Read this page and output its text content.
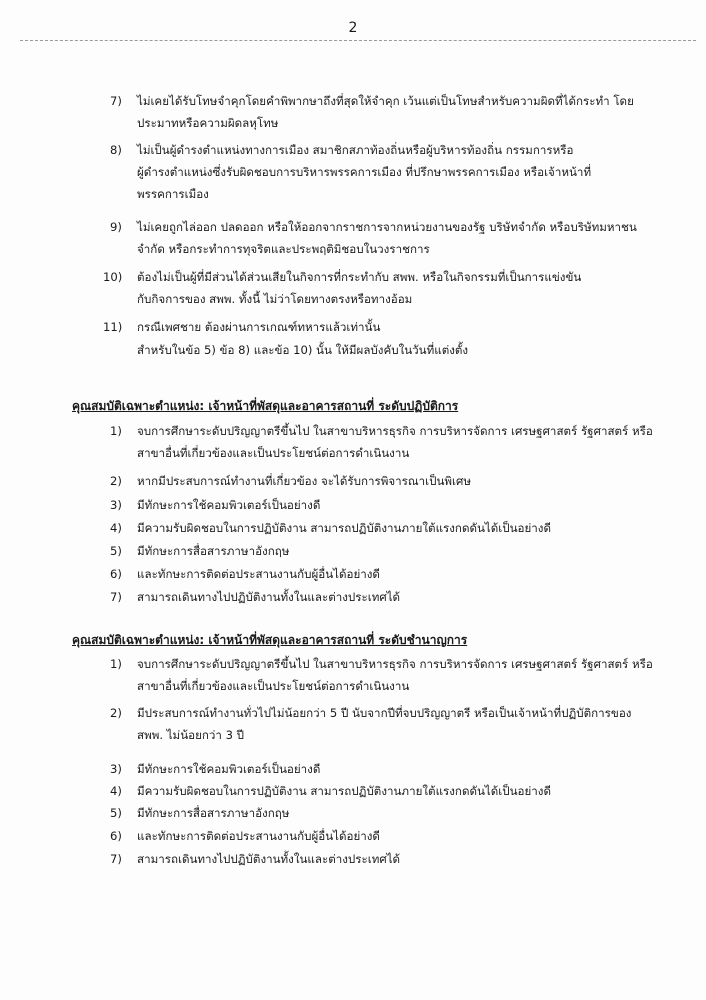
2
7) ไม่เคยได้รับโทษจำคุกโดยคำพิพากษาถึงที่สุดให้จำคุก เว้นแต่เป็นโทษสำหรับความผิดที่ได้กระทำ โดย
ประมาทหรือความผิดลหุโทษ
8) ไม่เป็นผู้ดำรงตำแหน่งทางการเมือง สมาชิกสภาท้องถิ่นหรือผู้บริหารท้องถิ่น กรรมการหรือ
ผู้ดำรงตำแหน่งซึ่งรับผิดชอบการบริหารพรรคการเมือง ที่ปรึกษาพรรคการเมือง หรือเจ้าหน้าที่
พรรคการเมือง
9) ไม่เคยถูกไล่ออก ปลดออก หรือให้ออกจากราชการจากหน่วยงานของรัฐ บริษัทจำกัด หรือบริษัทมหาชน
จำกัด หรือกระทำการทุจริตและประพฤติมิชอบในวงราชการ
10) ต้องไม่เป็นผู้ที่มีส่วนได้ส่วนเสียในกิจการที่กระทำกับ สพพ. หรือในกิจกรรมที่เป็นการแข่งขัน
กับกิจการของ สพพ. ทั้งนี้ ไม่ว่าโดยทางตรงหรือทางอ้อม
11) กรณีเพศชาย ต้องผ่านการเกณฑ์ทหารแล้วเท่านั้น
สำหรับในข้อ 5) ข้อ 8) และข้อ 10) นั้น ให้มีผลบังคับในวันที่แต่งตั้ง
คุณสมบัติเฉพาะตำแหน่ง: เจ้าหน้าที่พัสดุและอาคารสถานที่ ระดับปฏิบัติการ
1) จบการศึกษาระดับปริญญาตรีขึ้นไป ในสาขาบริหารธุรกิจ การบริหารจัดการ เศรษฐศาสตร์ รัฐศาสตร์ หรือ
สาขาอื่นที่เกี่ยวข้องและเป็นประโยชน์ต่อการดำเนินงาน
2) หากมีประสบการณ์ทำงานที่เกี่ยวข้อง จะได้รับการพิจารณาเป็นพิเศษ
3) มีทักษะการใช้คอมพิวเตอร์เป็นอย่างดี
4) มีความรับผิดชอบในการปฏิบัติงาน สามารถปฏิบัติงานภายใต้แรงกดดันได้เป็นอย่างดี
5) มีทักษะการสื่อสารภาษาอังกฤษ
6) และทักษะการติดต่อประสานงานกับผู้อื่นได้อย่างดี
7) สามารถเดินทางไปปฏิบัติงานทั้งในและต่างประเทศได้
คุณสมบัติเฉพาะตำแหน่ง: เจ้าหน้าที่พัสดุและอาคารสถานที่ ระดับชำนาญการ
1) จบการศึกษาระดับปริญญาตรีขึ้นไป ในสาขาบริหารธุรกิจ การบริหารจัดการ เศรษฐศาสตร์ รัฐศาสตร์ หรือ
สาขาอื่นที่เกี่ยวข้องและเป็นประโยชน์ต่อการดำเนินงาน
2) มีประสบการณ์ทำงานทั่วไปไม่น้อยกว่า 5 ปี นับจากปีที่จบปริญญาตรี หรือเป็นเจ้าหน้าที่ปฏิบัติการของ
สพพ. ไม่น้อยกว่า 3 ปี
3) มีทักษะการใช้คอมพิวเตอร์เป็นอย่างดี
4) มีความรับผิดชอบในการปฏิบัติงาน สามารถปฏิบัติงานภายใต้แรงกดดันได้เป็นอย่างดี
5) มีทักษะการสื่อสารภาษาอังกฤษ
6) และทักษะการติดต่อประสานงานกับผู้อื่นได้อย่างดี
7) สามารถเดินทางไปปฏิบัติงานทั้งในและต่างประเทศได้
